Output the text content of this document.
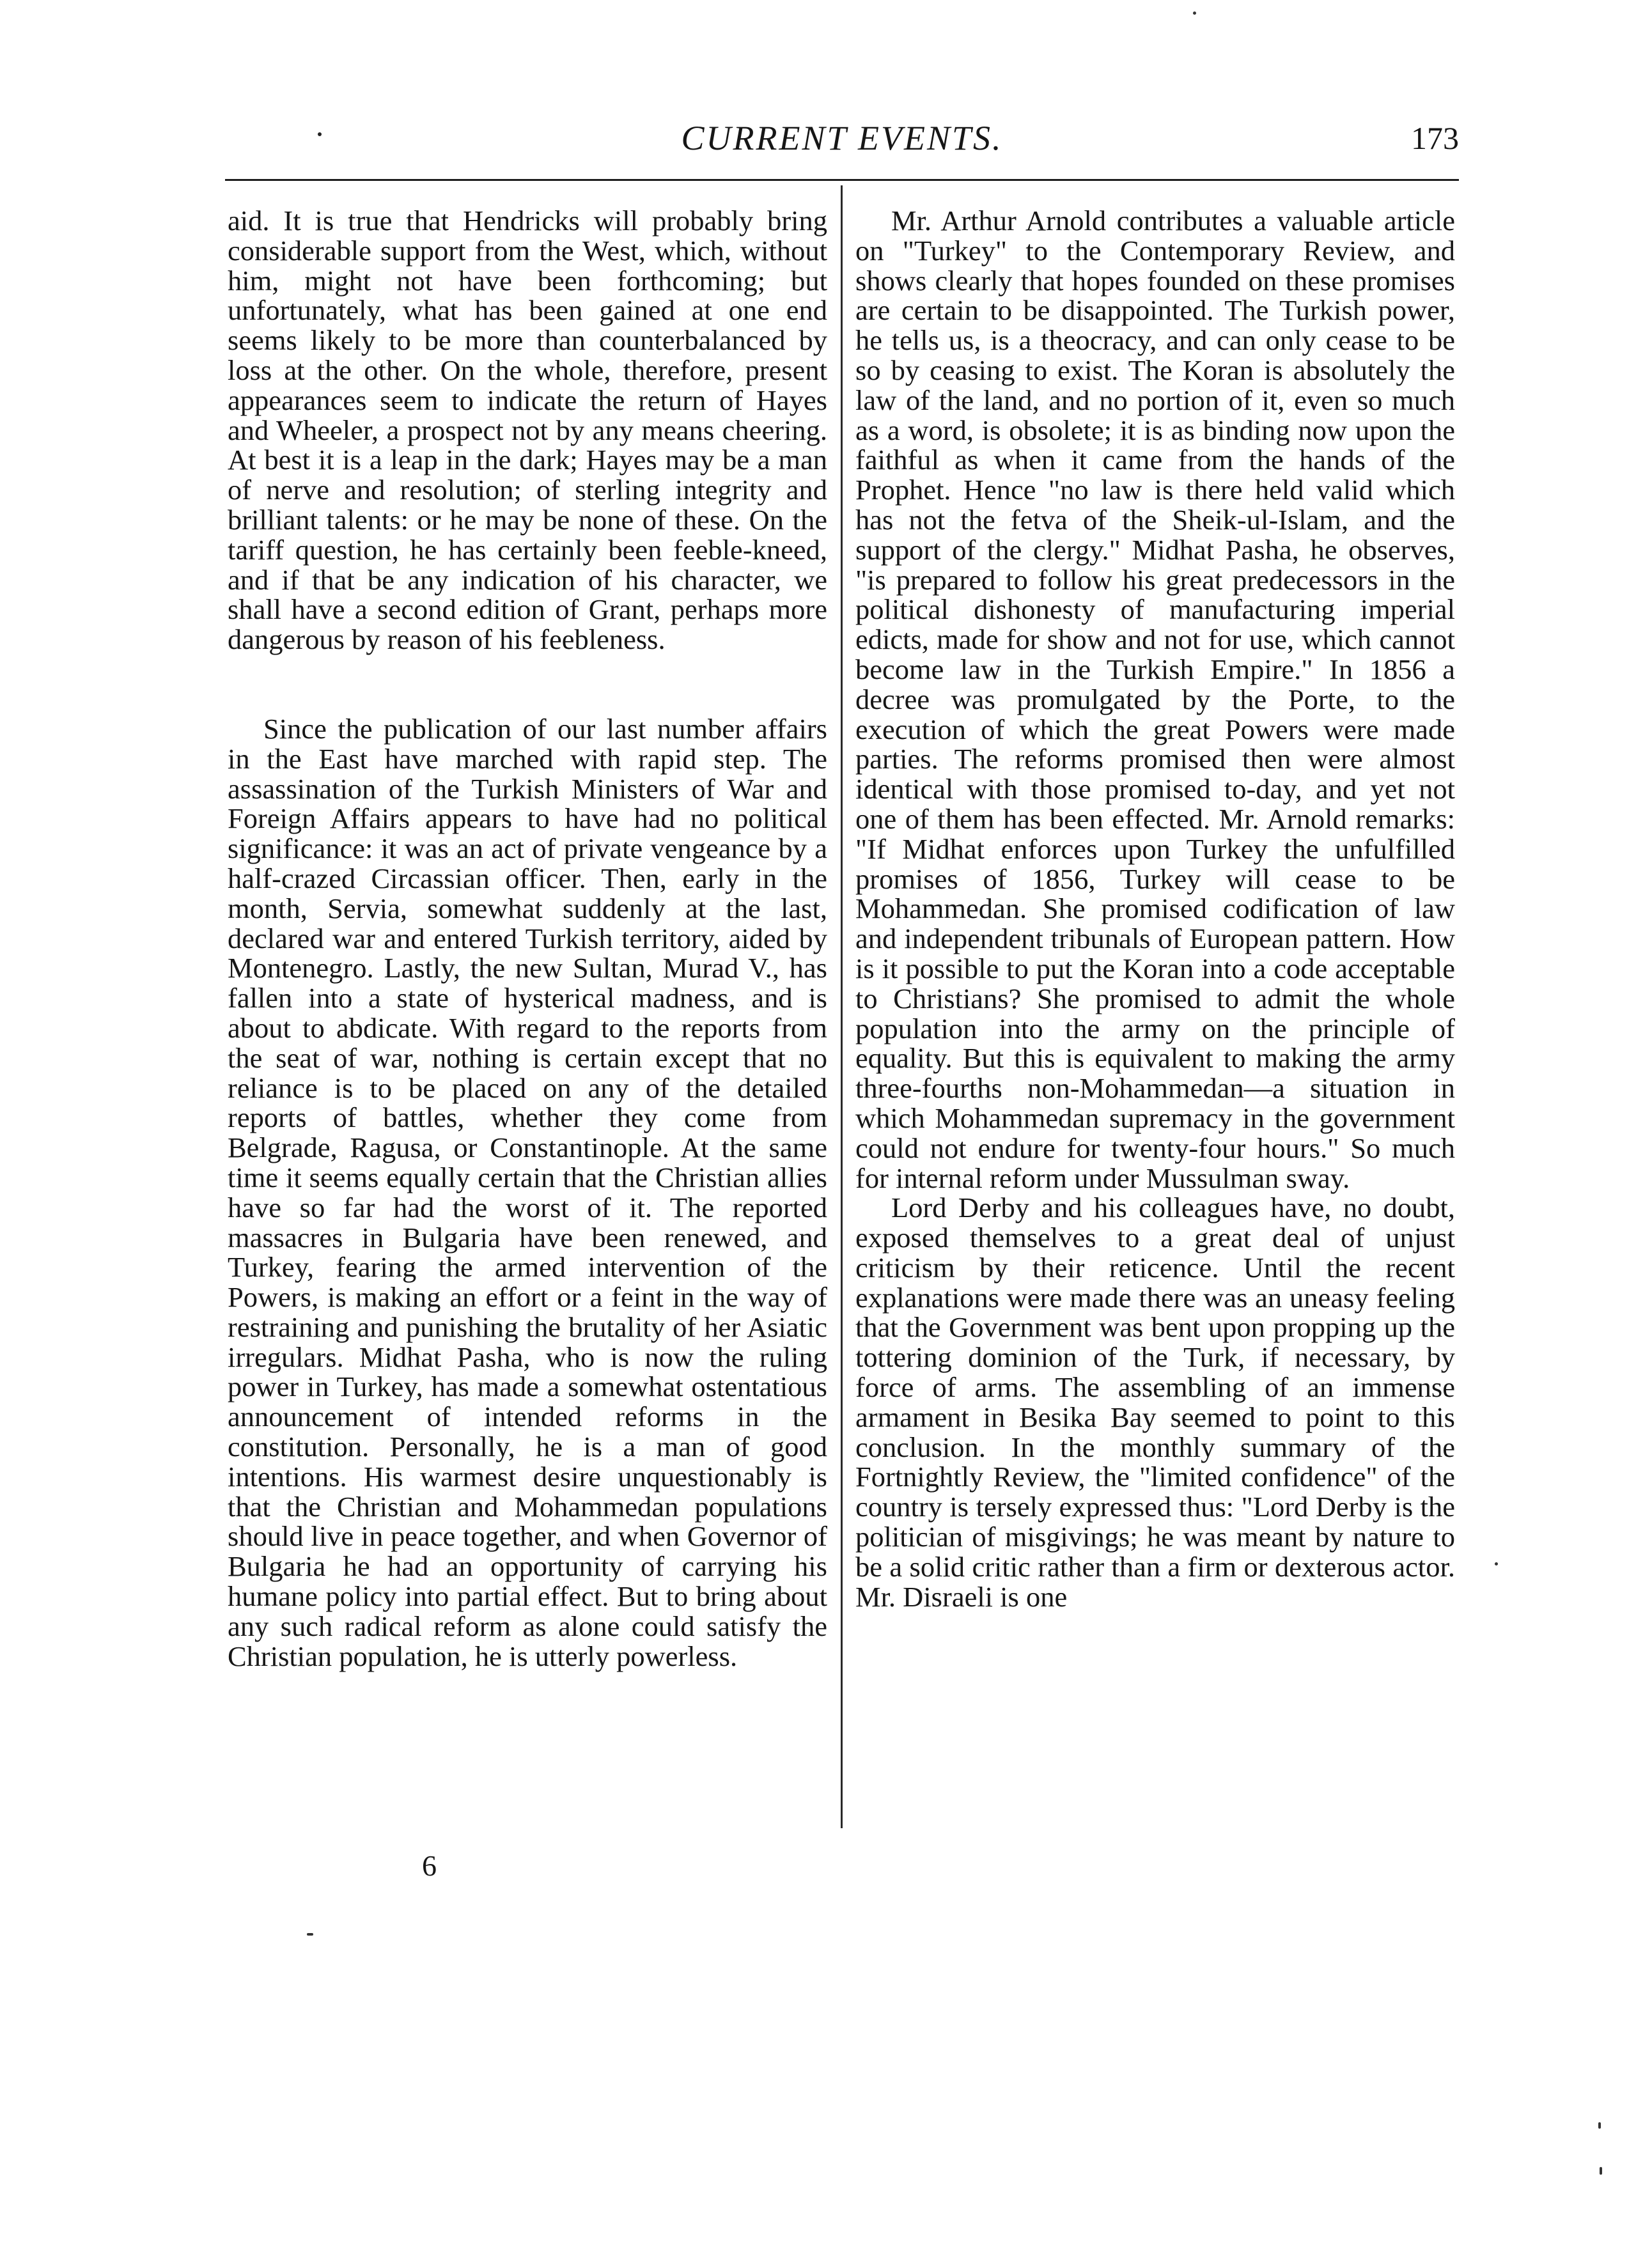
CURRENT EVENTS.	173

aid. It is true that Hendricks will probably bring considerable support from the West, which, without him, might not have been forthcoming; but unfortunately, what has been gained at one end seems likely to be more than counterbalanced by loss at the other. On the whole, therefore, present appearances seem to indicate the return of Hayes and Wheeler, a prospect not by any means cheering. At best it is a leap in the dark; Hayes may be a man of nerve and resolution; of sterling integrity and brilliant talents: or he may be none of these. On the tariff question, he has certainly been feeble-kneed, and if that be any indication of his character, we shall have a second edition of Grant, perhaps more dangerous by reason of his feebleness.

Since the publication of our last number affairs in the East have marched with rapid step. The assassination of the Turkish Ministers of War and Foreign Affairs appears to have had no political significance: it was an act of private vengeance by a half-crazed Circassian officer. Then, early in the month, Servia, somewhat suddenly at the last, declared war and entered Turkish territory, aided by Montenegro. Lastly, the new Sultan, Murad V., has fallen into a state of hysterical madness, and is about to abdicate. With regard to the reports from the seat of war, nothing is certain except that no reliance is to be placed on any of the detailed reports of battles, whether they come from Belgrade, Ragusa, or Constantinople. At the same time it seems equally certain that the Christian allies have so far had the worst of it. The reported massacres in Bulgaria have been renewed, and Turkey, fearing the armed intervention of the Powers, is making an effort or a feint in the way of restraining and punishing the brutality of her Asiatic irregulars. Midhat Pasha, who is now the ruling power in Turkey, has made a somewhat ostentatious announcement of intended reforms in the constitution. Personally, he is a man of good intentions. His warmest desire unquestionably is that the Christian and Mohammedan populations should live in peace together, and when Governor of Bulgaria he had an opportunity of carrying his humane policy into partial effect. But to bring about any such radical reform as alone could satisfy the Christian population, he is utterly powerless.

Mr. Arthur Arnold contributes a valuable article on "Turkey" to the Contemporary Review, and shows clearly that hopes founded on these promises are certain to be disappointed. The Turkish power, he tells us, is a theocracy, and can only cease to be so by ceasing to exist. The Koran is absolutely the law of the land, and no portion of it, even so much as a word, is obsolete; it is as binding now upon the faithful as when it came from the hands of the Prophet. Hence "no law is there held valid which has not the fetva of the Sheik-ul-Islam, and the support of the clergy." Midhat Pasha, he observes, "is prepared to follow his great predecessors in the political dishonesty of manufacturing imperial edicts, made for show and not for use, which cannot become law in the Turkish Empire." In 1856 a decree was promulgated by the Porte, to the execution of which the great Powers were made parties. The reforms promised then were almost identical with those promised to-day, and yet not one of them has been effected. Mr. Arnold remarks: "If Midhat enforces upon Turkey the unfulfilled promises of 1856, Turkey will cease to be Mohammedan. She promised codification of law and independent tribunals of European pattern. How is it possible to put the Koran into a code acceptable to Christians? She promised to admit the whole population into the army on the principle of equality. But this is equivalent to making the army three-fourths non-Mohammedan—a situation in which Mohammedan supremacy in the government could not endure for twenty-four hours." So much for internal reform under Mussulman sway.

Lord Derby and his colleagues have, no doubt, exposed themselves to a great deal of unjust criticism by their reticence. Until the recent explanations were made there was an uneasy feeling that the Government was bent upon propping up the tottering dominion of the Turk, if necessary, by force of arms. The assembling of an immense armament in Besika Bay seemed to point to this conclusion. In the monthly summary of the Fortnightly Review, the "limited confidence" of the country is tersely expressed thus: "Lord Derby is the politician of misgivings; he was meant by nature to be a solid critic rather than a firm or dexterous actor. Mr. Disraeli is one

6
